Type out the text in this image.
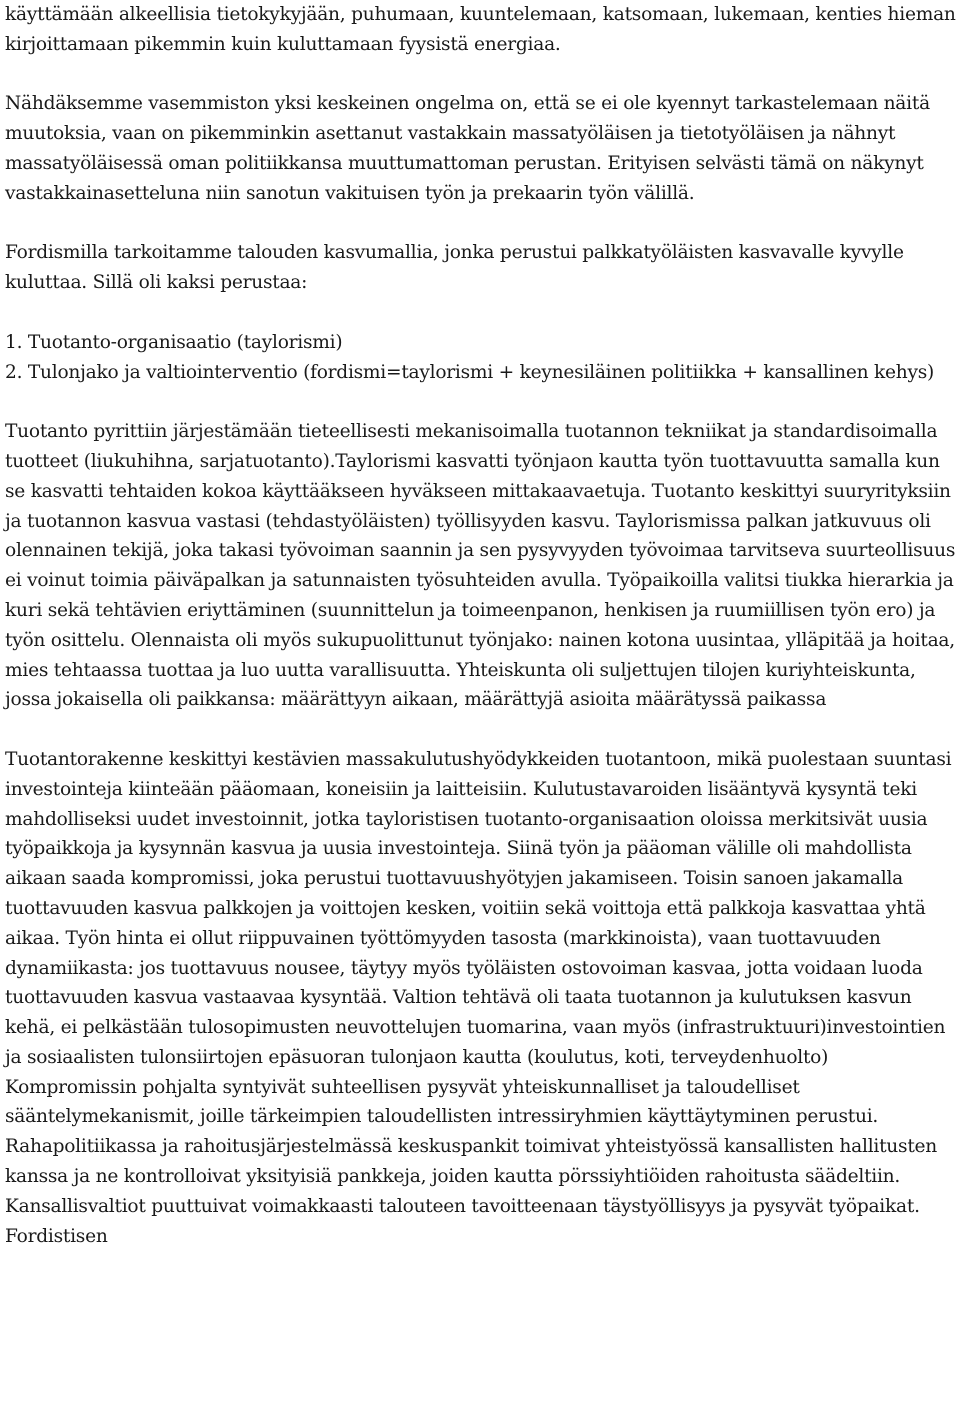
käyttämään alkeellisia tietokykyjään, puhumaan, kuuntelemaan, katsomaan, lukemaan, kenties hieman kirjoittamaan pikemmin kuin kuluttamaan fyysistä energiaa.

Nähdäksemme vasemmiston yksi keskeinen ongelma on, että se ei ole kyennyt tarkastelemaan näitä muutoksia, vaan on pikemminkin asettanut vastakkain massatyöläisen ja tietotyöläisen ja nähnyt massatyöläisessä oman politiikkansa muuttumattoman perustan. Erityisen selvästi tämä on näkynyt vastakkainasetteluna niin sanotun vakituisen työn ja prekaarin työn välillä.

Fordismilla tarkoitamme talouden kasvumallia, jonka perustui palkkatyöläisten kasvavalle kyvylle kuluttaa. Sillä oli kaksi perustaa:

1. Tuotanto-organisaatio (taylorismi)

2. Tulonjako ja valtiointerventio (fordismi=taylorismi + keynesiläinen politiikka + kansallinen kehys)

Tuotanto pyrittiin järjestämään tieteellisesti mekanisoimalla tuotannon tekniikat ja standardisoimalla tuotteet (liukuhihna, sarjatuotanto).Taylorismi kasvatti työnjaon kautta työn tuottavuutta samalla kun se kasvatti tehtaiden kokoa käyttääkseen hyväkseen mittakaavaetuja. Tuotanto keskittyi suuryrityksiin ja tuotannon kasvua vastasi (tehdastyöläisten) työllisyyden kasvu. Taylorismissa palkan jatkuvuus oli olennainen tekijä, joka takasi työvoiman saannin ja sen pysyvyyden työvoimaa tarvitseva suurteollisuus ei voinut toimia päiväpalkan ja satunnaisten työsuhteiden avulla. Työpaikoilla valitsi tiukka hierarkia ja kuri sekä tehtävien eriyttäminen (suunnittelun ja toimeenpanon, henkisen ja ruumiillisen työn ero) ja työn osittelu. Olennaista oli myös sukupuolittunut työnjako: nainen kotona uusintaa, ylläpitää ja hoitaa, mies tehtaassa tuottaa ja luo uutta varallisuutta. Yhteiskunta oli suljettujen tilojen kuriyhteiskunta, jossa jokaisella oli paikkansa: määrättyyn aikaan, määrättyjä asioita määrätyssä paikassa

Tuotantorakenne keskittyi kestävien massakulutushyödykkeiden tuotantoon, mikä puolestaan suuntasi investointeja kiinteään pääomaan, koneisiin ja laitteisiin. Kulutustavaroiden lisääntyvä kysyntä teki mahdolliseksi uudet investoinnit, jotka tayloristisen tuotanto-organisaation oloissa merkitsivät uusia työpaikkoja ja kysynnän kasvua ja uusia investointeja. Siinä työn ja pääoman välille oli mahdollista aikaan saada kompromissi, joka perustui tuottavuushyötyjen jakamiseen. Toisin sanoen jakamalla tuottavuuden kasvua palkkojen ja voittojen kesken, voitiin sekä voittoja että palkkoja kasvattaa yhtä aikaa. Työn hinta ei ollut riippuvainen työttömyyden tasosta (markkinoista), vaan tuottavuuden dynamiikasta: jos tuottavuus nousee, täytyy myös työläisten ostovoiman kasvaa, jotta voidaan luoda tuottavuuden kasvua vastaavaa kysyntää. Valtion tehtävä oli taata tuotannon ja kulutuksen kasvun kehä, ei pelkästään tulosopimusten neuvottelujen tuomarina, vaan myös (infrastruktuuri)investointien ja sosiaalisten tulonsiirtojen epäsuoran tulonjaon kautta (koulutus, koti, terveydenhuolto) Kompromissin pohjalta syntyivät suhteellisen pysyvät yhteiskunnalliset ja taloudelliset sääntelymekanismit, joille tärkeimpien taloudellisten intressiryhmien käyttäytyminen perustui. Rahapolitiikassa ja rahoitusjärjestelmässä keskuspankit toimivat yhteistyössä kansallisten hallitusten kanssa ja ne kontrolloivat yksityisiä pankkeja, joiden kautta pörssiyhtiöiden rahoitusta säädeltiin. Kansallisvaltiot puuttuivat voimakkaasti talouteen tavoitteenaan täystyöllisyys ja pysyvät työpaikat. Fordistisen
